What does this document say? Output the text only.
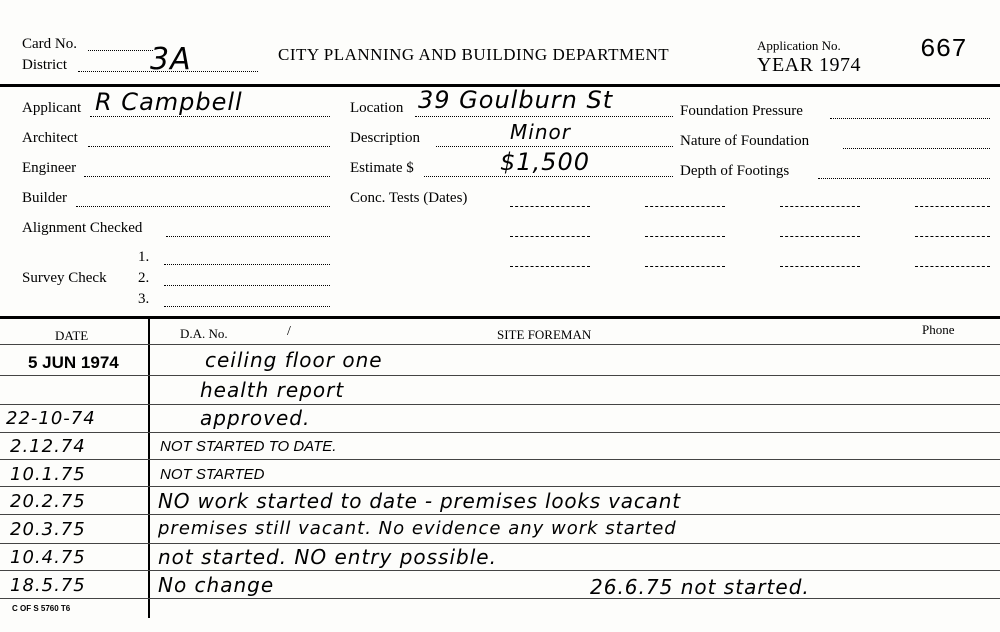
Card No.
District	3A	CITY PLANNING AND BUILDING DEPARTMENT	Application No.
YEAR 1974
667
Applicant R Campbell
Architect
Engineer
Builder
Alignment Checked
Survey Check
1.
2.
3.
Location 39 Goulburn St
Description	Minor
Estimate $	$1,500
Conc. Tests (Dates)
Foundation Pressure
Nature of Foundation
Depth of Footings
DATE	D.A. No.	/	SITE FOREMAN	Phone
5 JUN 1974	ceiling floor one
health report
22-10-74	approved.
2.12.74	NOT STARTED TO DATE.
10.1.75	NOT STARTED
20.2.75	NO work started to date - premises looks vacant
20.3.75	premises still vacant. No evidence any work started
10.4.75	not started. NO entry possible.
18.5.75	No change	26.6.75 not started.
C OF S 5760 T6
